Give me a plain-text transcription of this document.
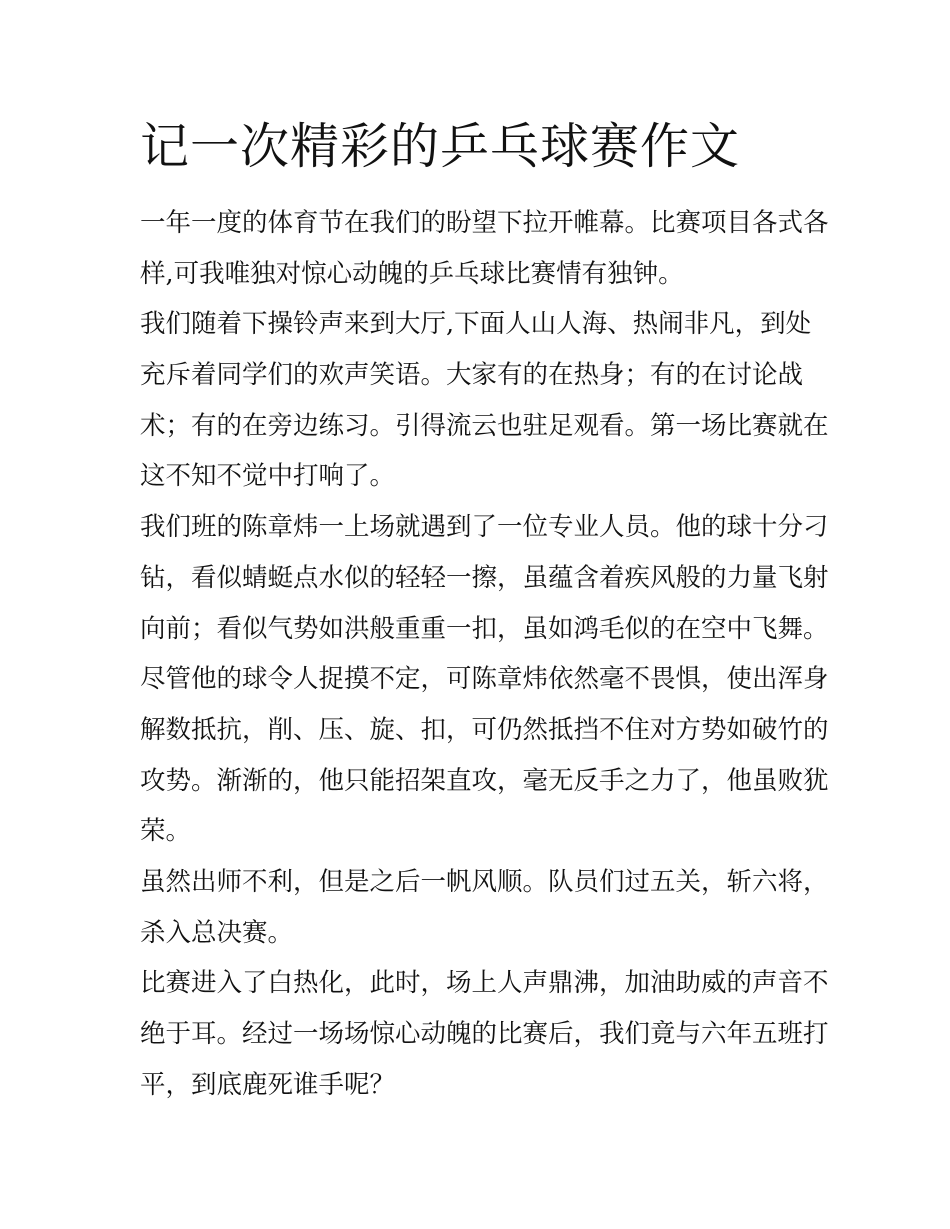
记一次精彩的乒乓球赛作文
一年一度的体育节在我们的盼望下拉开帷幕。比赛项目各式各
样,可我唯独对惊心动魄的乒乓球比赛情有独钟。
我们随着下操铃声来到大厅,下面人山人海、热闹非凡，到处
充斥着同学们的欢声笑语。大家有的在热身；有的在讨论战
术；有的在旁边练习。引得流云也驻足观看。第一场比赛就在
这不知不觉中打响了。
我们班的陈章炜一上场就遇到了一位专业人员。他的球十分刁
钻，看似蜻蜓点水似的轻轻一擦，虽蕴含着疾风般的力量飞射
向前；看似气势如洪般重重一扣，虽如鸿毛似的在空中飞舞。
尽管他的球令人捉摸不定，可陈章炜依然毫不畏惧，使出浑身
解数抵抗，削、压、旋、扣，可仍然抵挡不住对方势如破竹的
攻势。渐渐的，他只能招架直攻，毫无反手之力了，他虽败犹
荣。
虽然出师不利，但是之后一帆风顺。队员们过五关，斩六将，
杀入总决赛。
比赛进入了白热化，此时，场上人声鼎沸，加油助威的声音不
绝于耳。经过一场场惊心动魄的比赛后，我们竟与六年五班打
平，到底鹿死谁手呢？
